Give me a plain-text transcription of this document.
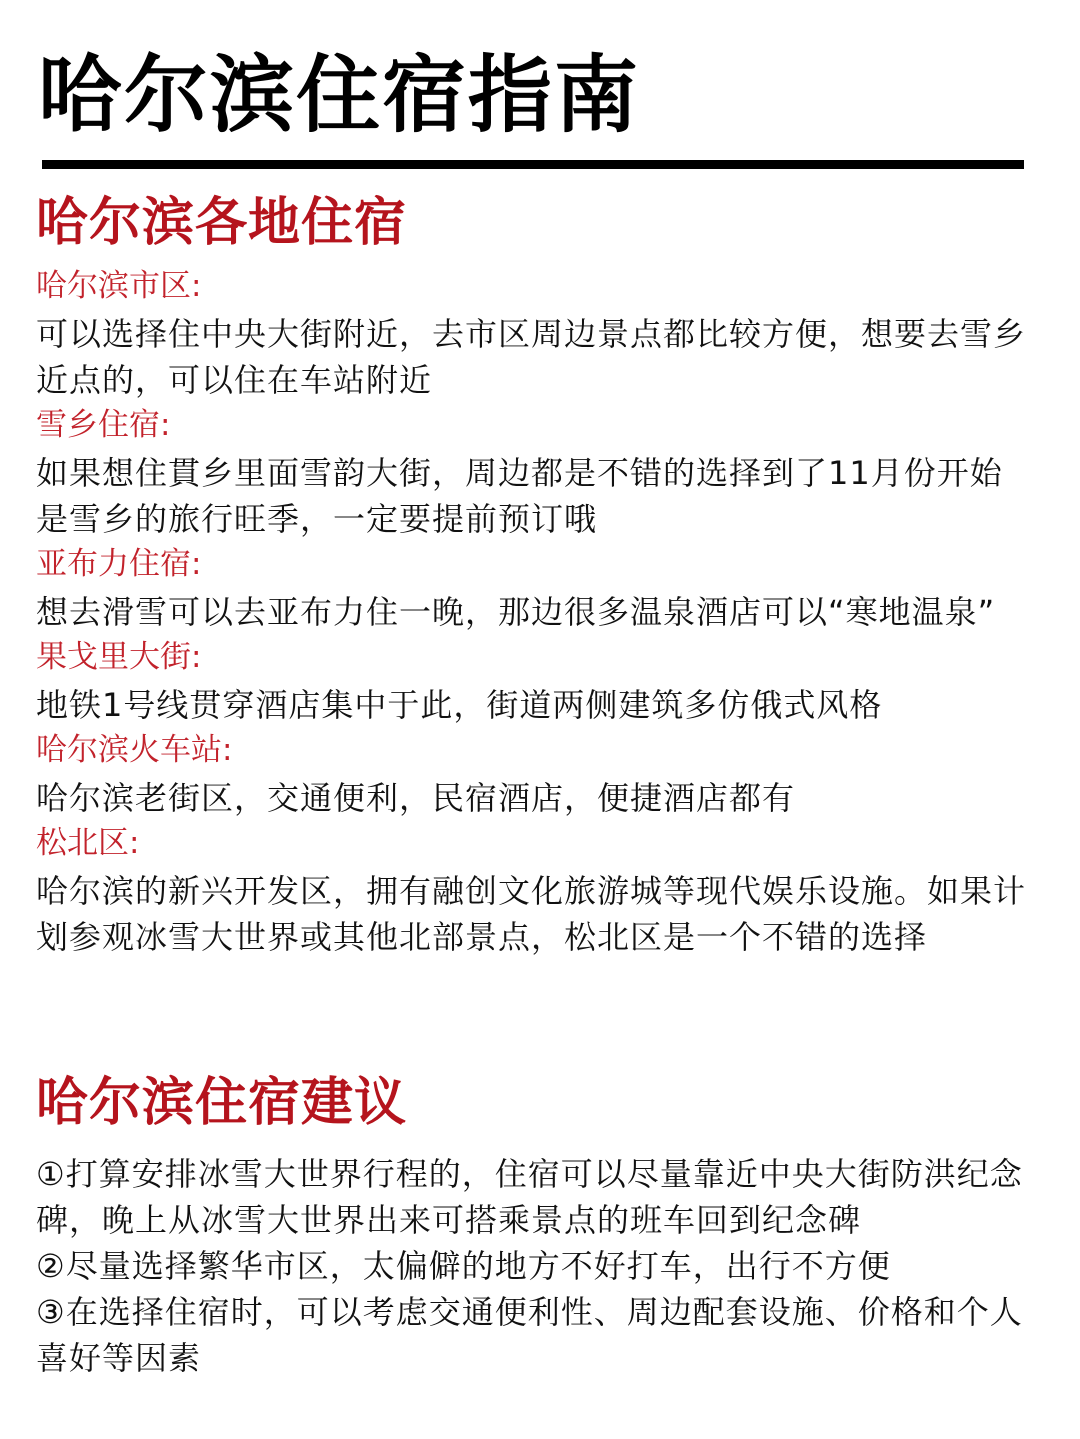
哈尔滨住宿指南
哈尔滨各地住宿
哈尔滨市区:

可以选择住中央大街附近，去市区周边景点都比较方便，想要去雪乡近点的，可以住在车站附近

雪乡住宿:

如果想住貫乡里面雪韵大街，周边都是不错的选择到了11月份开始是雪乡的旅行旺季，一定要提前预订哦

亚布力住宿:

想去滑雪可以去亚布力住一晚，那边很多温泉酒店可以“寒地温泉”

果戈里大街:

地铁1号线贯穿酒店集中于此，街道两侧建筑多仿俄式风格

哈尔滨火车站:

哈尔滨老街区，交通便利，民宿酒店，便捷酒店都有

松北区:

哈尔滨的新兴开发区，拥有融创文化旅游城等现代娱乐设施。如果计划参观冰雪大世界或其他北部景点，松北区是一个不错的选择

哈尔滨住宿建议

①打算安排冰雪大世界行程的，住宿可以尽量靠近中央大街防洪纪念碑，晚上从冰雪大世界出来可搭乘景点的班车回到纪念碑

②尽量选择繁华市区，太偏僻的地方不好打车，出行不方便

③在选择住宿时，可以考虑交通便利性、周边配套设施、价格和个人喜好等因素
